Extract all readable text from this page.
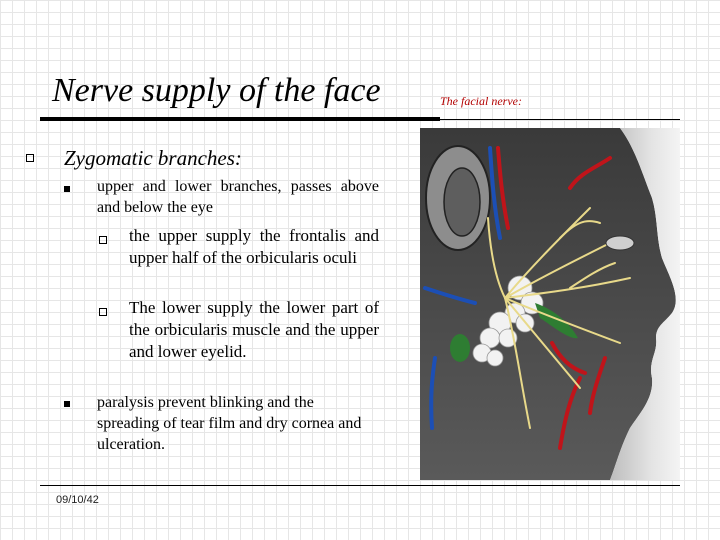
Nerve supply of the face	The facial nerve:
Zygomatic branches:
upper and lower branches, passes above and below the eye
the upper supply the frontalis and upper half of the orbicularis oculi
The lower supply the lower part of the orbicularis muscle and the upper and lower eyelid.
paralysis prevent blinking and the spreading of tear film and dry cornea and ulceration.
09/10/42
